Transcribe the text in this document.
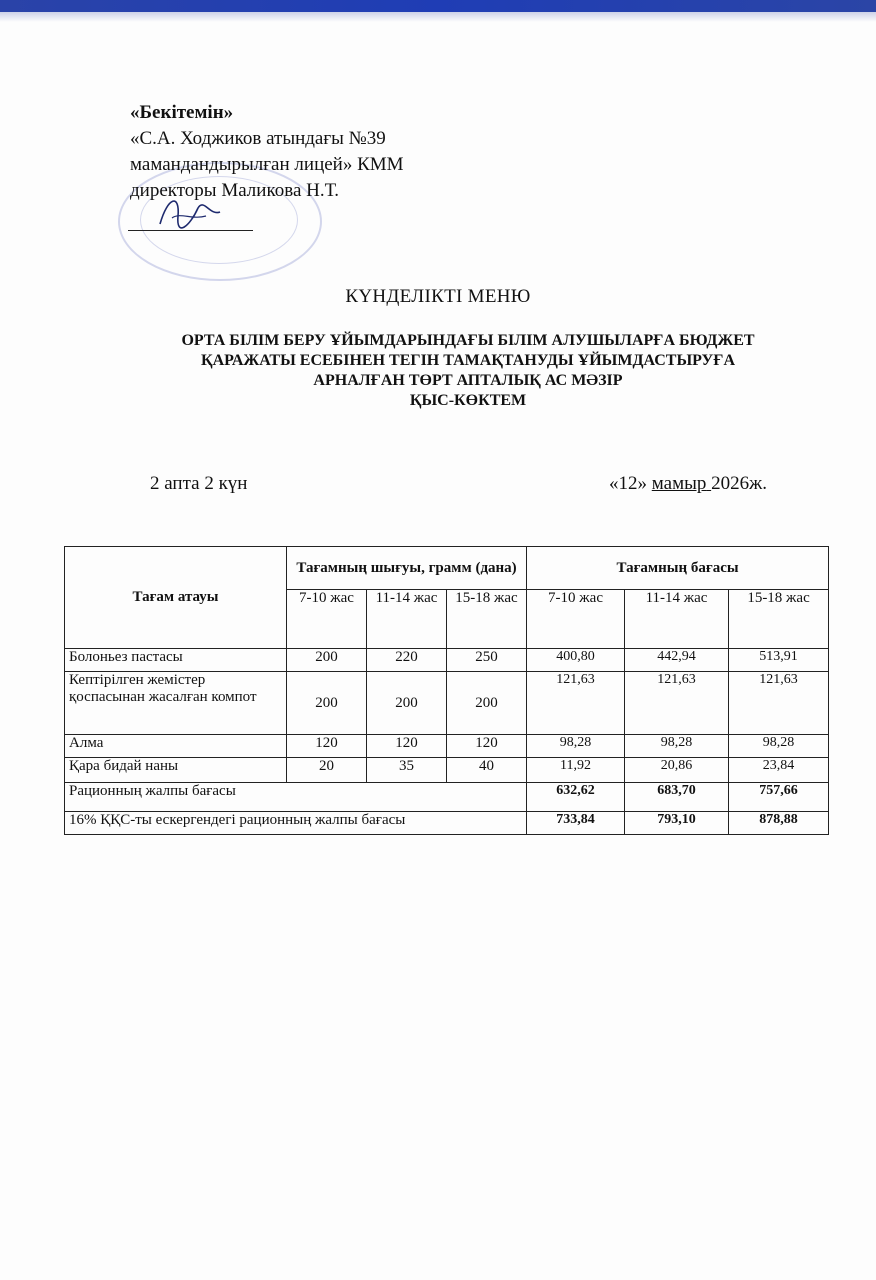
«Бекітемін»
«С.А. Ходжиков атындағы №39
мамандандырылған лицей» КММ
директоры Маликова Н.Т.
КҮНДЕЛІКТІ МЕНЮ
ОРТА БІЛІМ БЕРУ ҰЙЫМДАРЫНДАҒЫ БІЛІМ АЛУШЫЛАРҒА БЮДЖЕТ
ҚАРАЖАТЫ ЕСЕБІНЕН ТЕГІН ТАМАҚТАНУДЫ ҰЙЫМДАСТЫРУҒА
АРНАЛҒАН ТӨРТ АПТАЛЫҚ АС МӘЗІР
ҚЫС-КӨКТЕМ
2 апта 2 күн	«12» мамыр 2026ж.
Тағам атауы	Тағамның шығуы, грамм (дана)			Тағамның бағасы		
	7-10 жас	11-14 жас	15-18 жас	7-10 жас	11-14 жас	15-18 жас
Болоньез пастасы	200	220	250	400,80	442,94	513,91
Кептірілген жемістер қоспасынан жасалған компот	200	200	200	121,63	121,63	121,63
Алма	120	120	120	98,28	98,28	98,28
Қара бидай наны	20	35	40	11,92	20,86	23,84
Рационның жалпы бағасы				632,62	683,70	757,66
16% ҚҚС-ты ескергендегі рационның жалпы бағасы				733,84	793,10	878,88
